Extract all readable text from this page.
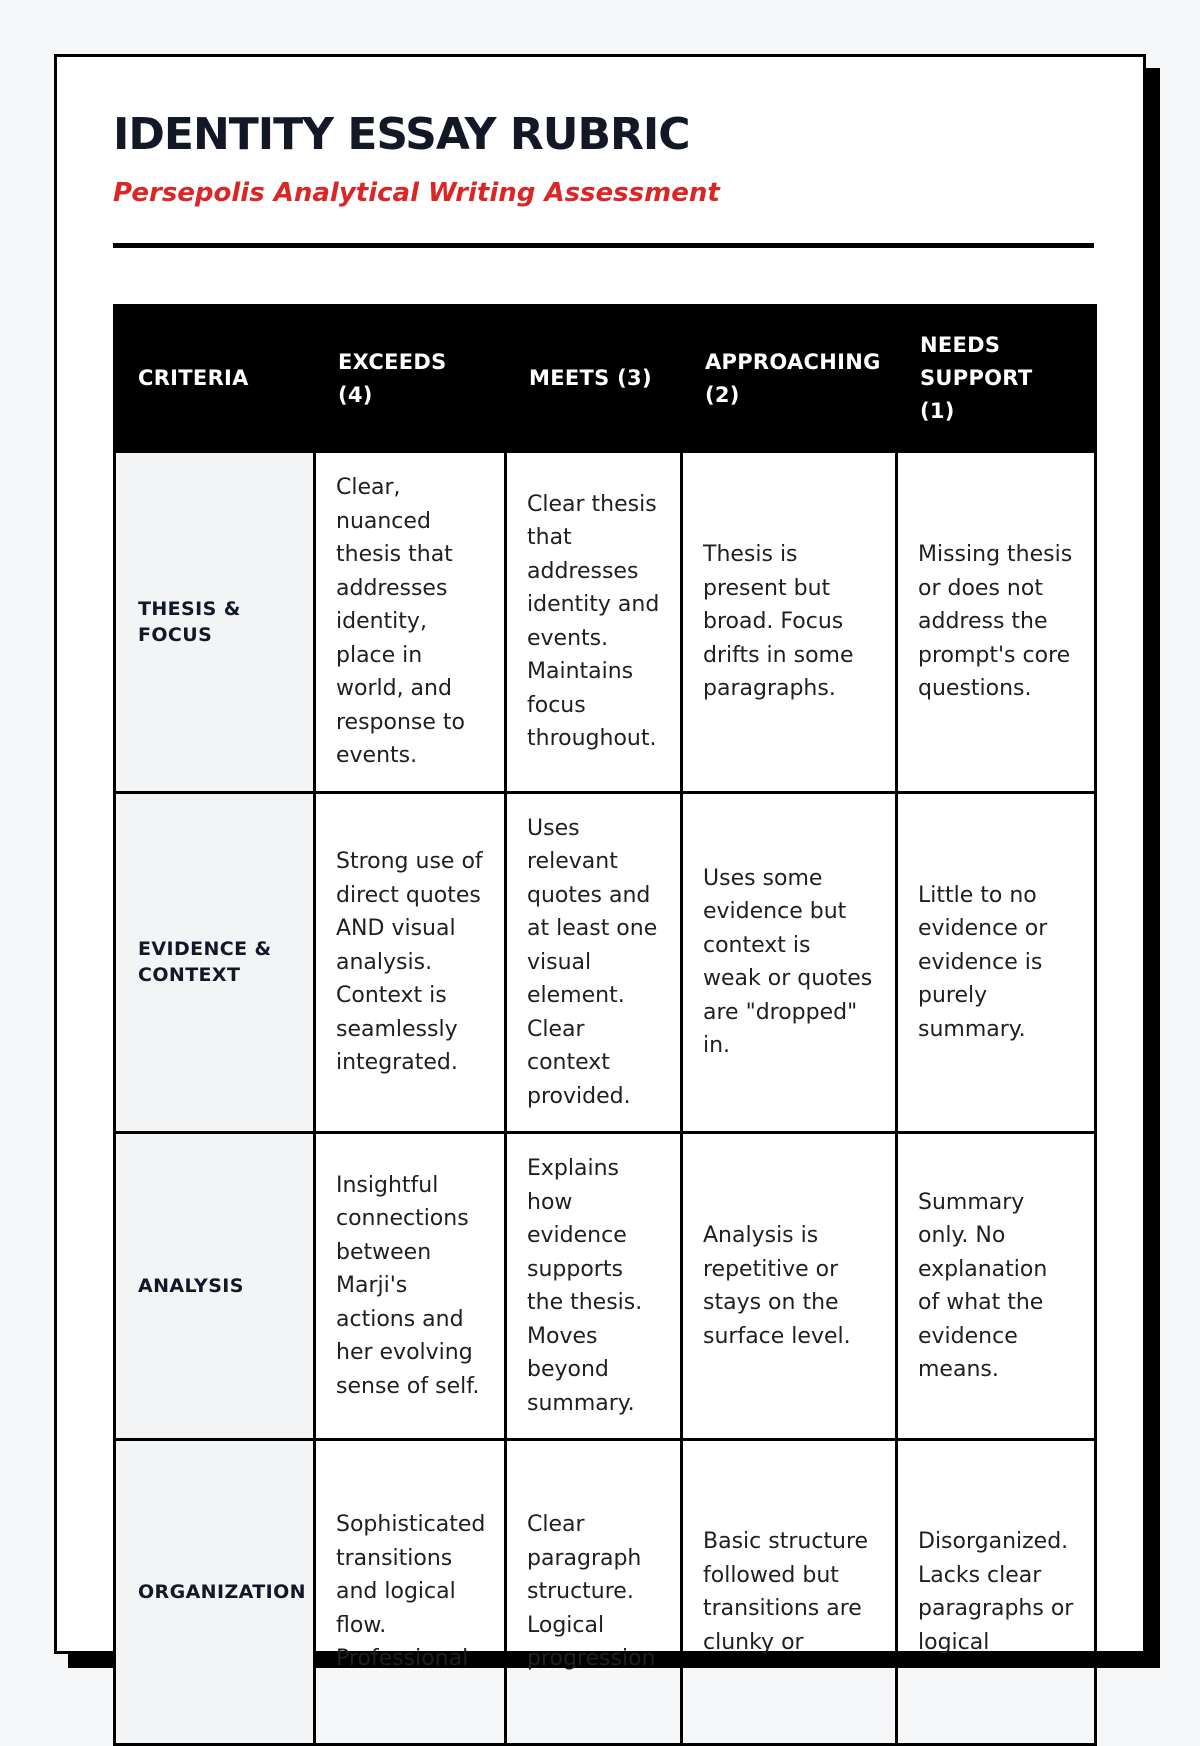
IDENTITY ESSAY RUBRIC

Persepolis Analytical Writing Assessment

CRITERIA	EXCEEDS (4)	MEETS (3)	APPROACHING (2)	NEEDS SUPPORT (1)
THESIS & FOCUS	Clear, nuanced thesis that addresses identity, place in world, and response to events.	Clear thesis that addresses identity and events. Maintains focus throughout.	Thesis is present but broad. Focus drifts in some paragraphs.	Missing thesis or does not address the prompt's core questions.
EVIDENCE & CONTEXT	Strong use of direct quotes AND visual analysis. Context is seamlessly integrated.	Uses relevant quotes and at least one visual element. Clear context provided.	Uses some evidence but context is weak or quotes are "dropped" in.	Little to no evidence or evidence is purely summary.
ANALYSIS	Insightful connections between Marji's actions and her evolving sense of self.	Explains how evidence supports the thesis. Moves beyond summary.	Analysis is repetitive or stays on the surface level.	Summary only. No explanation of what the evidence means.
ORGANIZATION	Sophisticated transitions and logical flow. Professional	Clear paragraph structure. Logical progression	Basic structure followed but transitions are clunky or	Disorganized. Lacks clear paragraphs or logical
